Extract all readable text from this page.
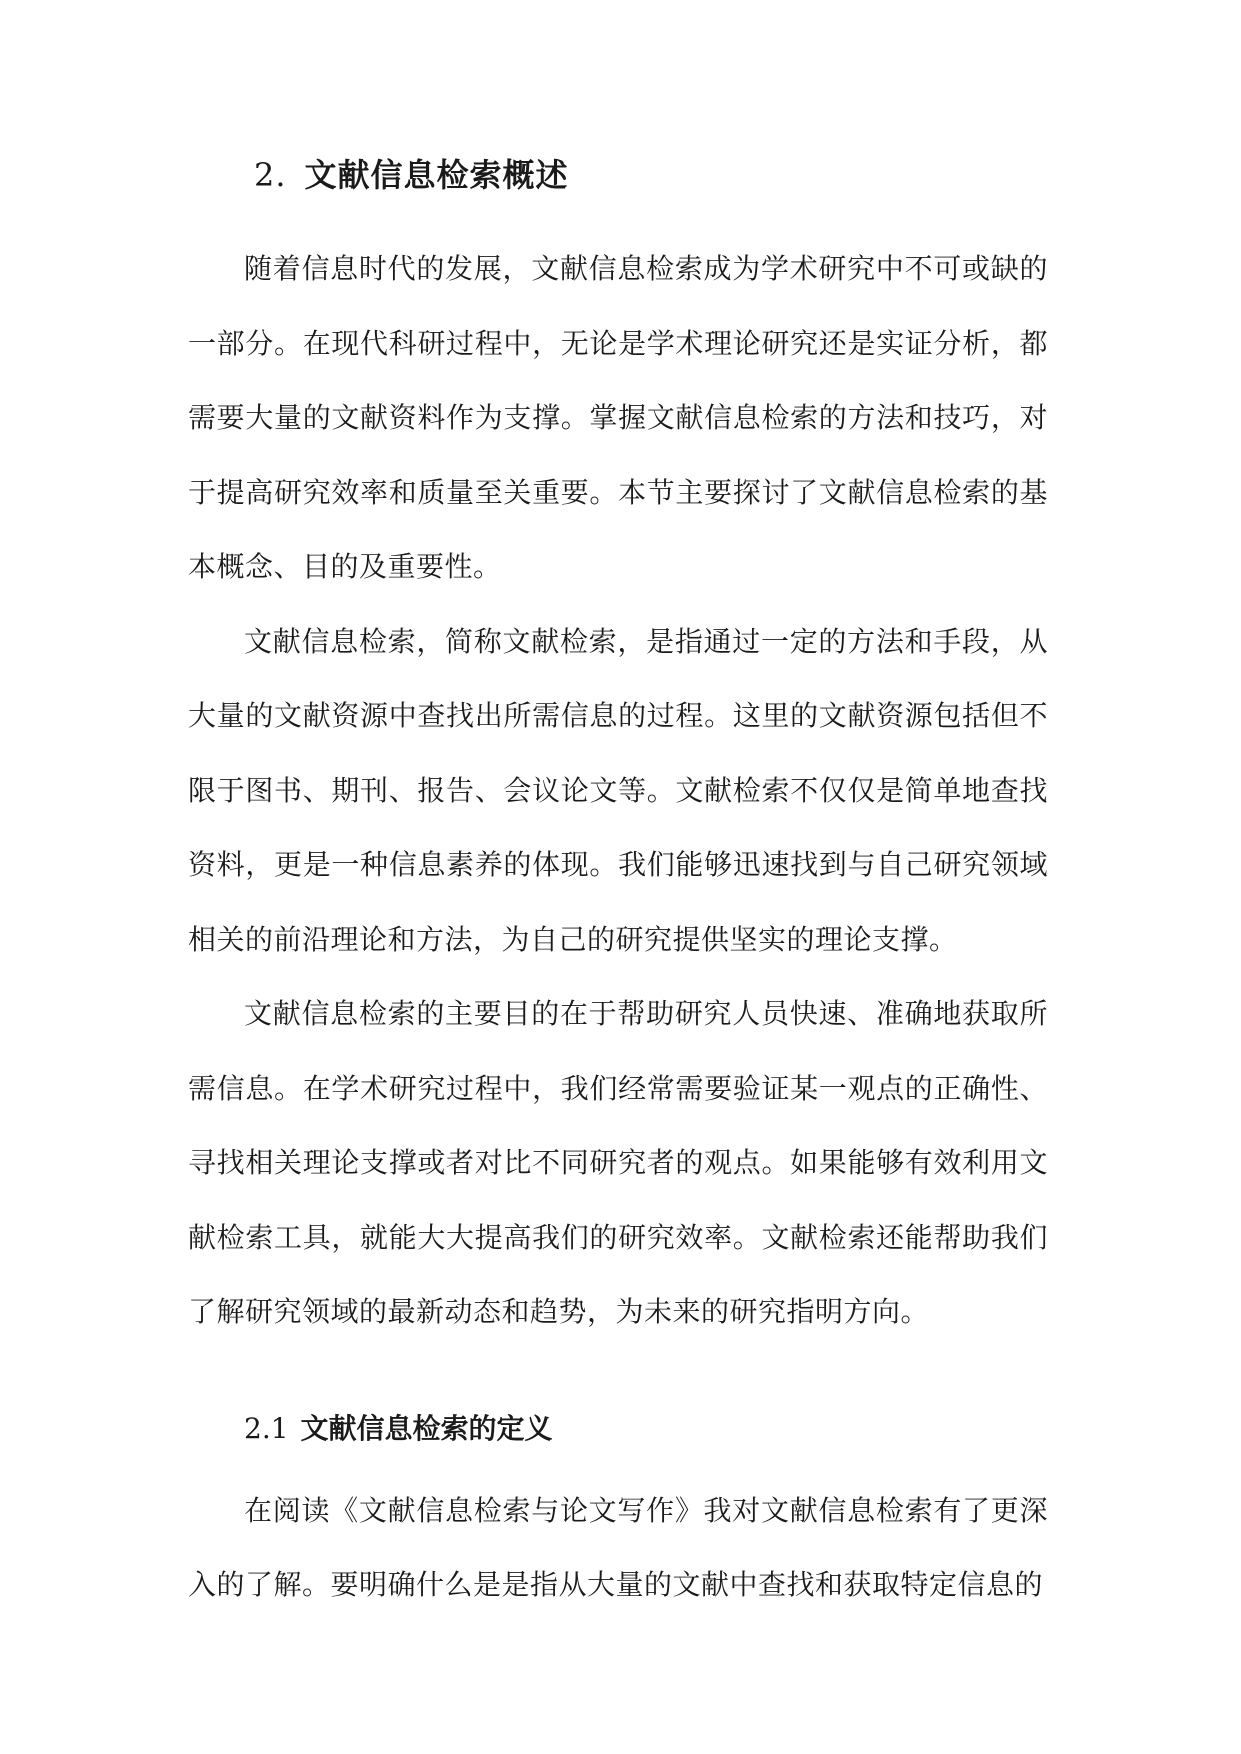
2. 文献信息检索概述

随着信息时代的发展，文献信息检索成为学术研究中不可或缺的一部分。在现代科研过程中，无论是学术理论研究还是实证分析，都需要大量的文献资料作为支撑。掌握文献信息检索的方法和技巧，对于提高研究效率和质量至关重要。本节主要探讨了文献信息检索的基本概念、目的及重要性。

文献信息检索，简称文献检索，是指通过一定的方法和手段，从大量的文献资源中查找出所需信息的过程。这里的文献资源包括但不限于图书、期刊、报告、会议论文等。文献检索不仅仅是简单地查找资料，更是一种信息素养的体现。我们能够迅速找到与自己研究领域相关的前沿理论和方法，为自己的研究提供坚实的理论支撑。

文献信息检索的主要目的在于帮助研究人员快速、准确地获取所需信息。在学术研究过程中，我们经常需要验证某一观点的正确性、寻找相关理论支撑或者对比不同研究者的观点。如果能够有效利用文献检索工具，就能大大提高我们的研究效率。文献检索还能帮助我们了解研究领域的最新动态和趋势，为未来的研究指明方向。

2.1 文献信息检索的定义

在阅读《文献信息检索与论文写作》我对文献信息检索有了更深入的了解。要明确什么是是指从大量的文献中查找和获取特定信息的
